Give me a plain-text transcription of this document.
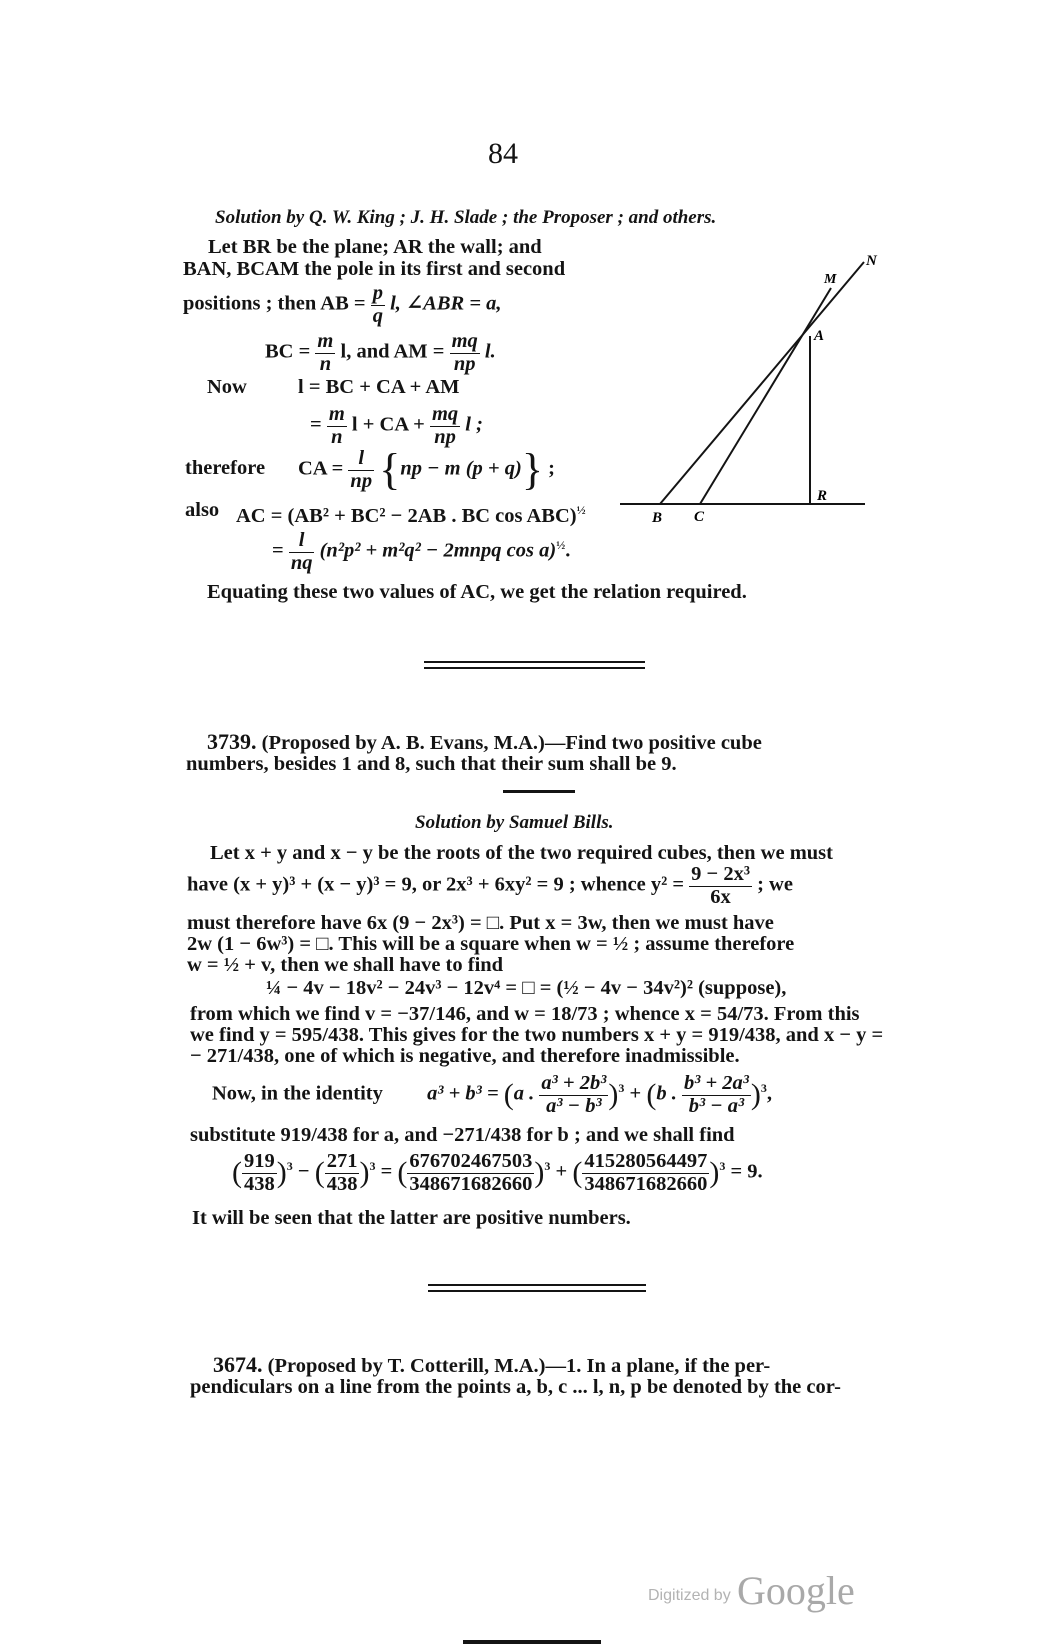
84
Solution by Q. W. King ; J. H. Slade ; the Proposer ; and others.
Let BR be the plane; AR the wall; and
BAN, BCAM the pole in its first and second
positions ; then AB = $\frac{p}{q} l$, ∠ABR = a,
BC = $\frac{m}{n} l$, and AM = $\frac{mq}{np} l$.
Now l = BC + CA + AM
= $\frac{m}{n}$ l + CA + $\frac{mq}{np}$ l ;
therefore CA = $\frac{l}{np} \{np - m$ (p + q)} ;
also AC = (AB² + BC² − 2AB . BC cos ABC)$^{\frac{1}{2}}$
= $\frac{l}{nq} (n^2p^2 + m^2q^2$ − 2mnpq cos a)$^{\frac{1}{2}}$.
Equating these two values of AC, we get the relation required.
N
M
A
R
B C
3739. (Proposed by A. B. Evans, M.A.)—Find two positive cube
numbers, besides 1 and 8, such that their sum shall be 9.
Solution by Samuel Bills.
Let x + y and x − y be the roots of the two required cubes, then we must
have (x + y)³ + (x − y)³ = 9, or 2x³ + 6xy² = 9 ; whence $y^2 = \frac{\text{9 − 2x³}}{6x}$ ; we
must therefore have 6x (9 − 2x³) = □. Put x = 3w, then we must have
2w (1 − 6w³) = □. This will be a square when w = ½ ; assume therefore
w = ½ + v, then we shall have to find
¼ − 4v − 18v² − 24v³ − 12v⁴ = □ = (½ − 4v − 34v²)² (suppose),
from which we find v = −37/146, and w = 18/73 ; whence x = 54/73. From this
we find y = 595/438. This gives for the two numbers x + y = 919/438, and x − y =
− 271/438, one of which is negative, and therefore inadmissible.
Now, in the identity a³ + b³ = (a . $\frac{\text{a³ + 2b³}}{\text{a³ − b³}} )^3 + (b$ . $\frac{\text{b³ + 2a³}}{\text{b³ − a³}} )^3$,
substitute 919/438 for a, and −271/438 for b ; and we shall find
( $\frac{919}{438} )^3$ − ( $\frac{271}{438} )^3$ = ( $\frac{676702467503}{348671682660} )^3$ + ( $\frac{415280564497}{348671682660} )^3 = 9$.
It will be seen that the latter are positive numbers.
3674. (Proposed by T. Cotterill, M.A.)—1. In a plane, if the per-
pendiculars on a line from the points a, b, c ... l, n, p be denoted by the cor-
Digitized by Google
